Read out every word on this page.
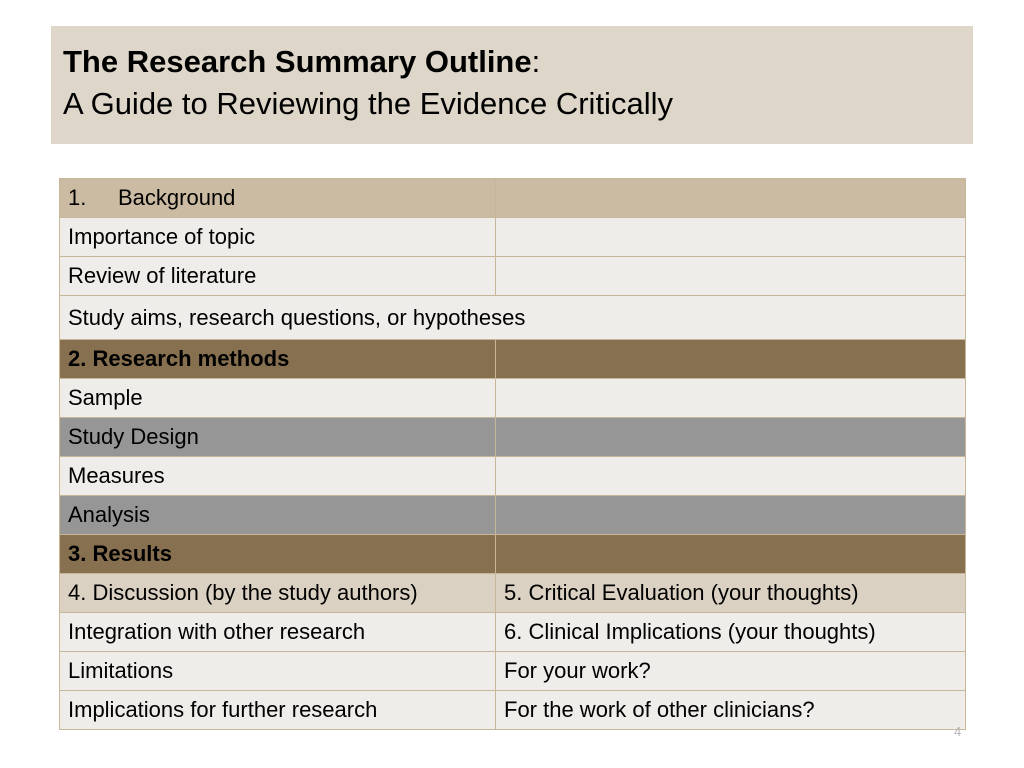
The Research Summary Outline:
A Guide to Reviewing the Evidence Critically
1. Background	
Importance of topic	
Review of literature	
Study aims, research questions, or hypotheses	
2. Research methods	
Sample	
Study Design	
Measures	
Analysis	
3. Results	
4. Discussion (by the study authors)	5. Critical Evaluation (your thoughts)
Integration with other research	6. Clinical Implications (your thoughts)
Limitations	For your work?
Implications for further research	For the work of other clinicians?
4
